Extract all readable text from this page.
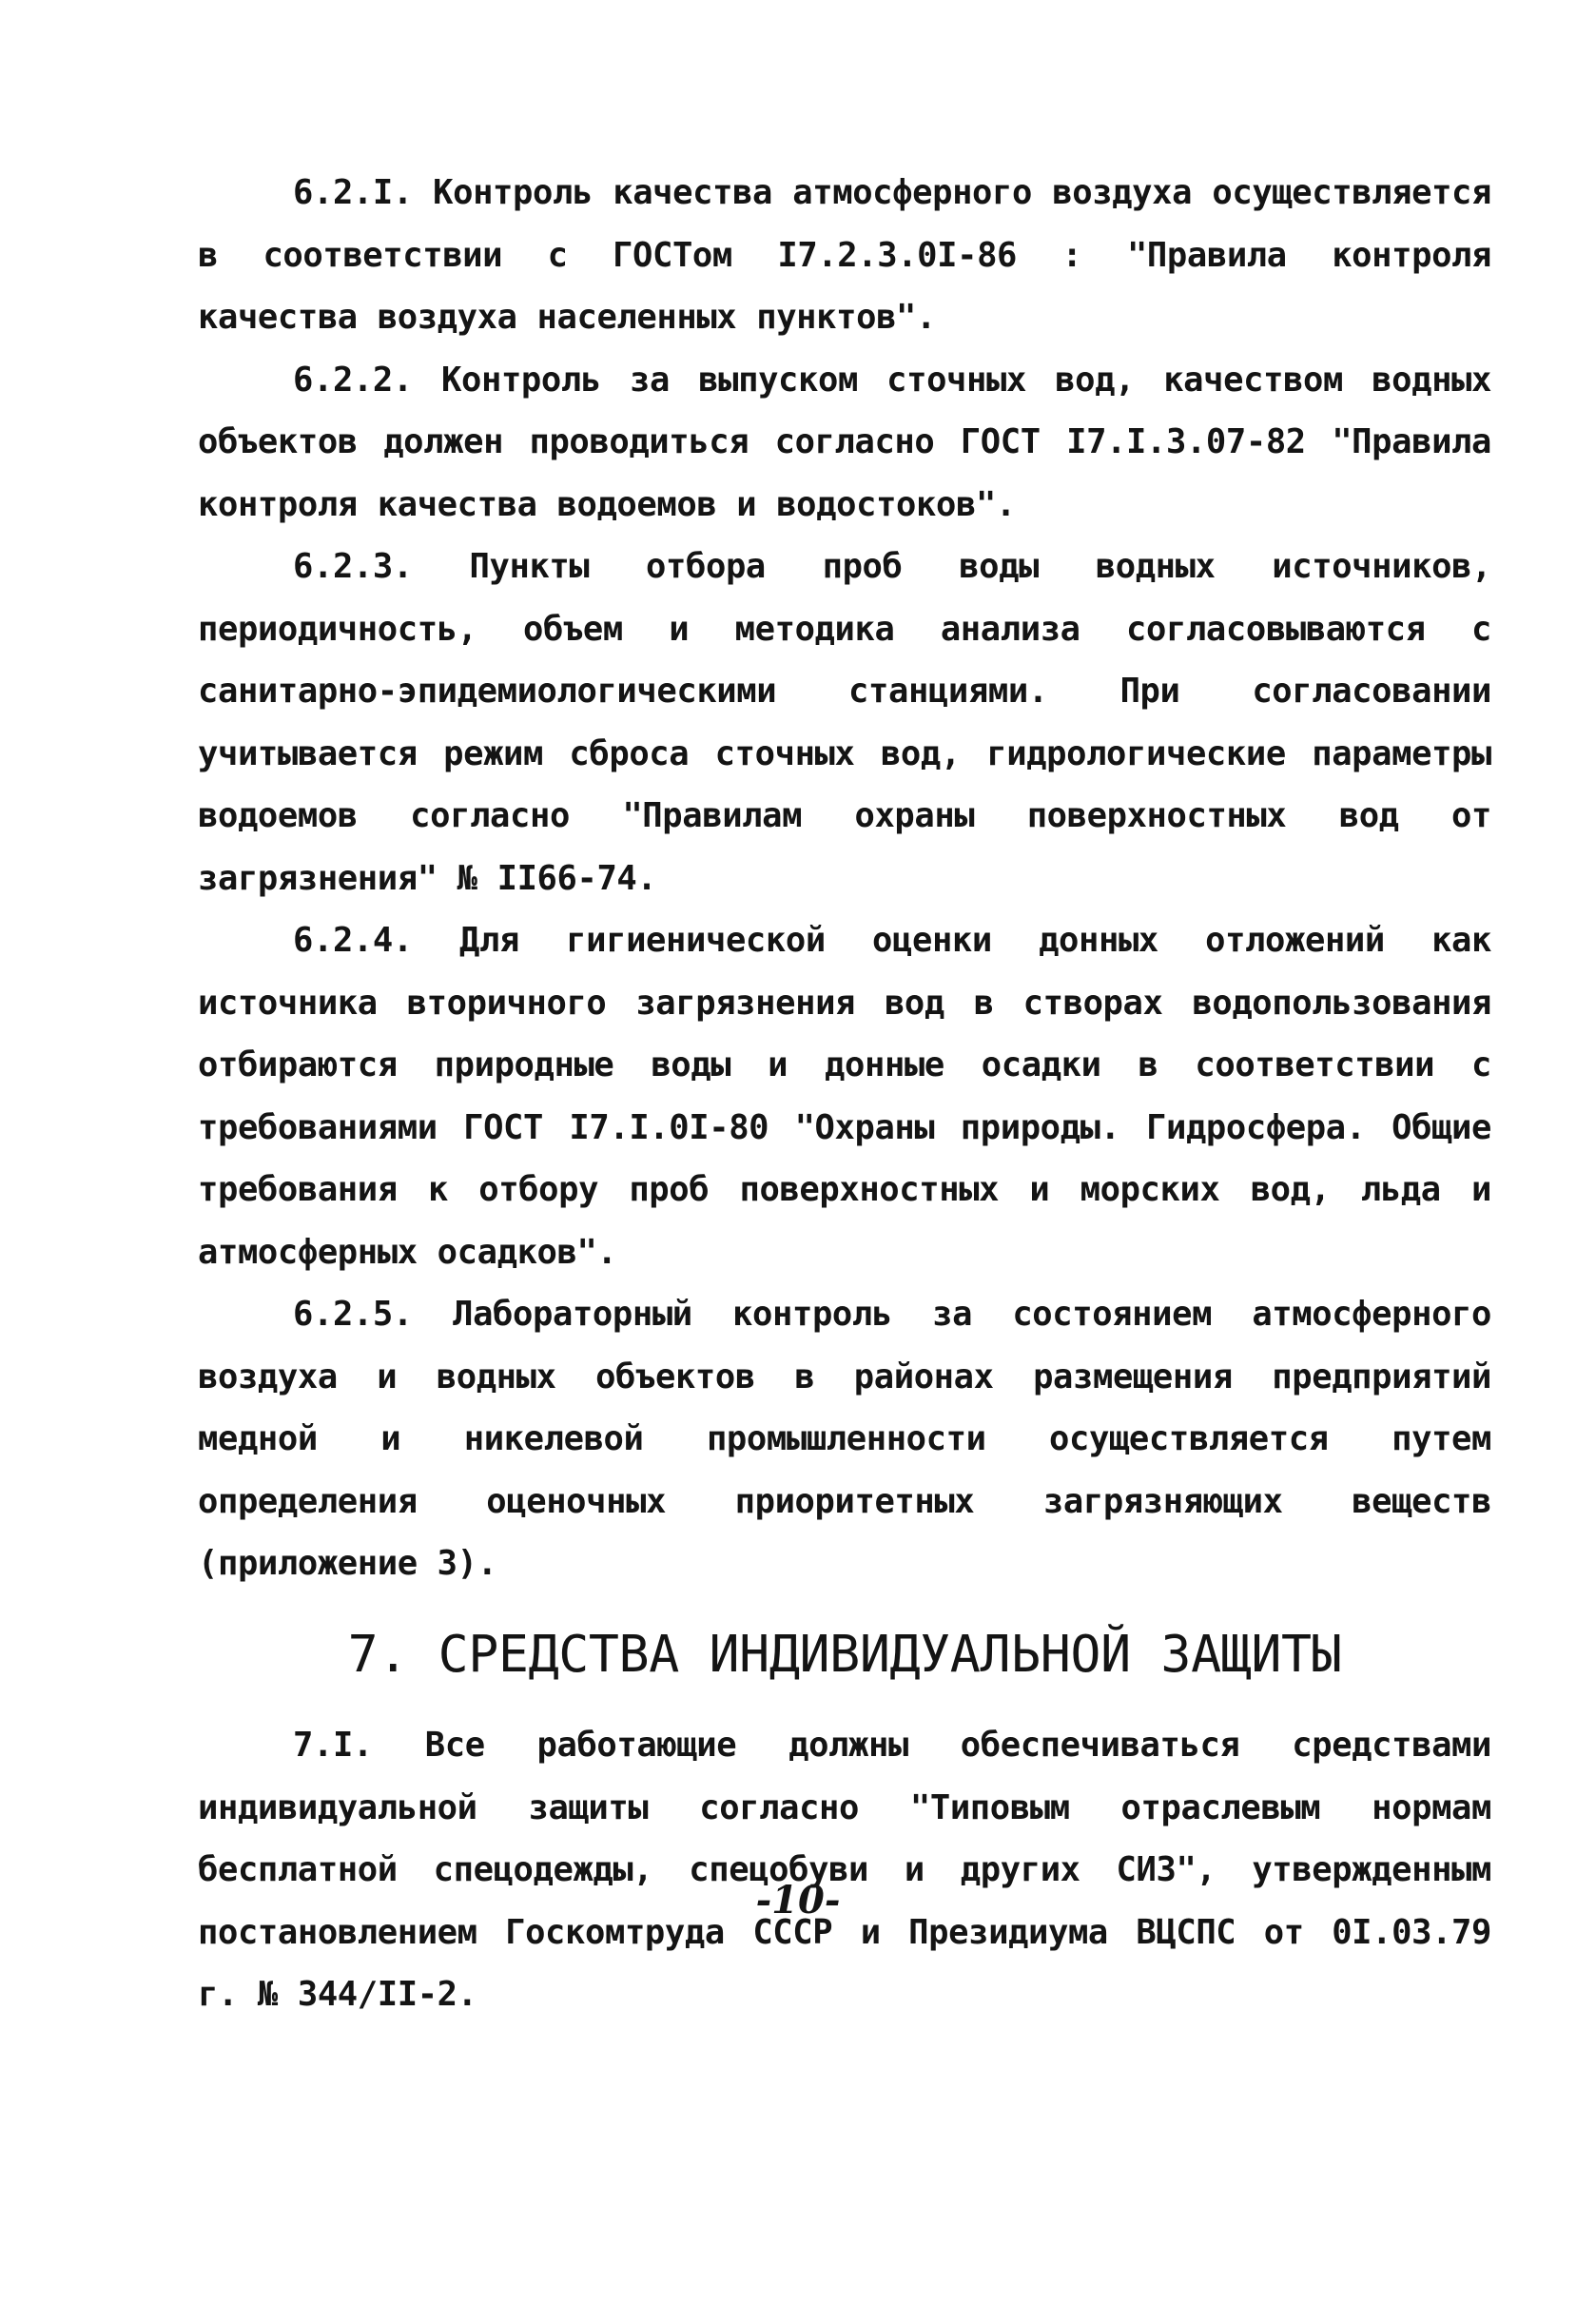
6.2.I. Контроль качества атмосферного воздуха осуществляется в соответствии с ГОСТом I7.2.3.0I-86 : "Правила контроля качества воздуха населенных пунктов".

6.2.2. Контроль за выпуском сточных вод, качеством водных объектов должен проводиться согласно ГОСТ I7.I.3.07-82 "Правила контроля качества водоемов и водостоков".

6.2.3. Пункты отбора проб воды водных источников, периодичность, объем и методика анализа согласовываются с санитарно-эпидемиологическими станциями. При согласовании учитывается режим сброса сточных вод, гидрологические параметры водоемов согласно "Правилам охраны поверхностных вод от загрязнения" № II66-74.

6.2.4. Для гигиенической оценки донных отложений как источника вторичного загрязнения вод в створах водопользования отбираются природные воды и донные осадки в соответствии с требованиями ГОСТ I7.I.0I-80 "Охраны природы. Гидросфера. Общие требования к отбору проб поверхностных и морских вод, льда и атмосферных осадков".

6.2.5. Лабораторный контроль за состоянием атмосферного воздуха и водных объектов в районах размещения предприятий медной и никелевой промышленности осуществляется путем определения оценочных приоритетных загрязняющих веществ (приложение 3).

7. СРЕДСТВА ИНДИВИДУАЛЬНОЙ ЗАЩИТЫ

7.I. Все работающие должны обеспечиваться средствами индивидуальной защиты согласно "Типовым отраслевым нормам бесплатной спецодежды, спецобуви и других СИЗ", утвержденным постановлением Госкомтруда СССР и Президиума ВЦСПС от 0I.03.79 г. № 344/II-2.

-10-
